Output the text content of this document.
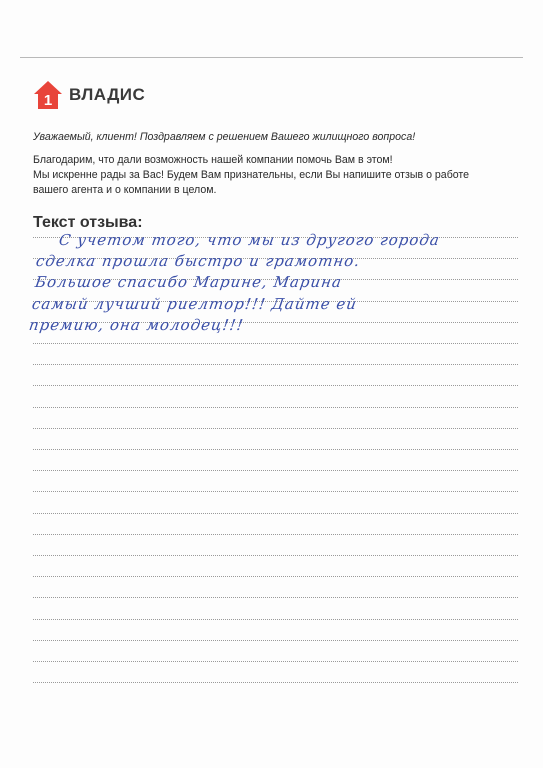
1 ВЛАДИС

Уважаемый, клиент! Поздравляем с решением Вашего жилищного вопроса!

Благодарим, что дали возможность нашей компании помочь Вам в этом!

Мы искренне рады за Вас! Будем Вам признательны, если Вы напишите отзыв о работе

вашего агента и о компании в целом.

Текст отзыва:
С учетом того, что мы из другого города
сделка прошла быстро и грамотно.
Большое спасибо Марине, Марина
самый лучший риелтор!!! Дайте ей
премию, она молодец!!!
